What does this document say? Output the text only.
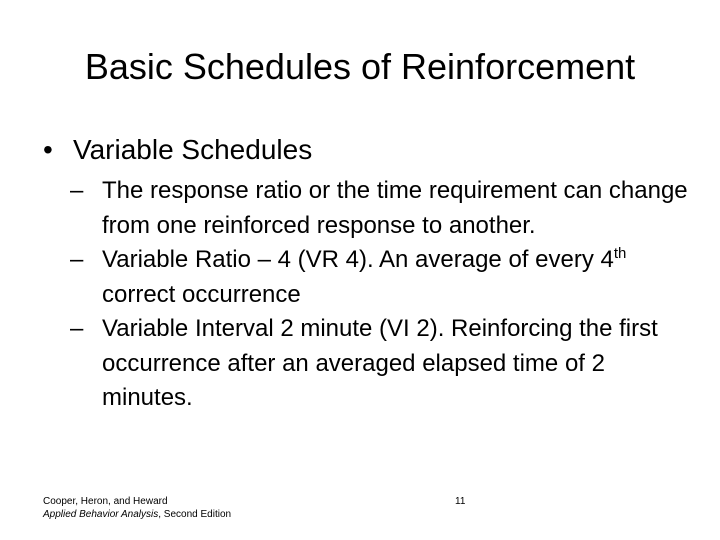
Basic Schedules of Reinforcement
• Variable Schedules
– The response ratio or the time requirement can change from one reinforced response to another.
– Variable Ratio – 4 (VR 4). An average of every 4th correct occurrence
– Variable Interval 2 minute (VI 2). Reinforcing the first occurrence after an averaged elapsed time of 2 minutes.
Cooper, Heron, and Heward
Applied Behavior Analysis, Second Edition
11
